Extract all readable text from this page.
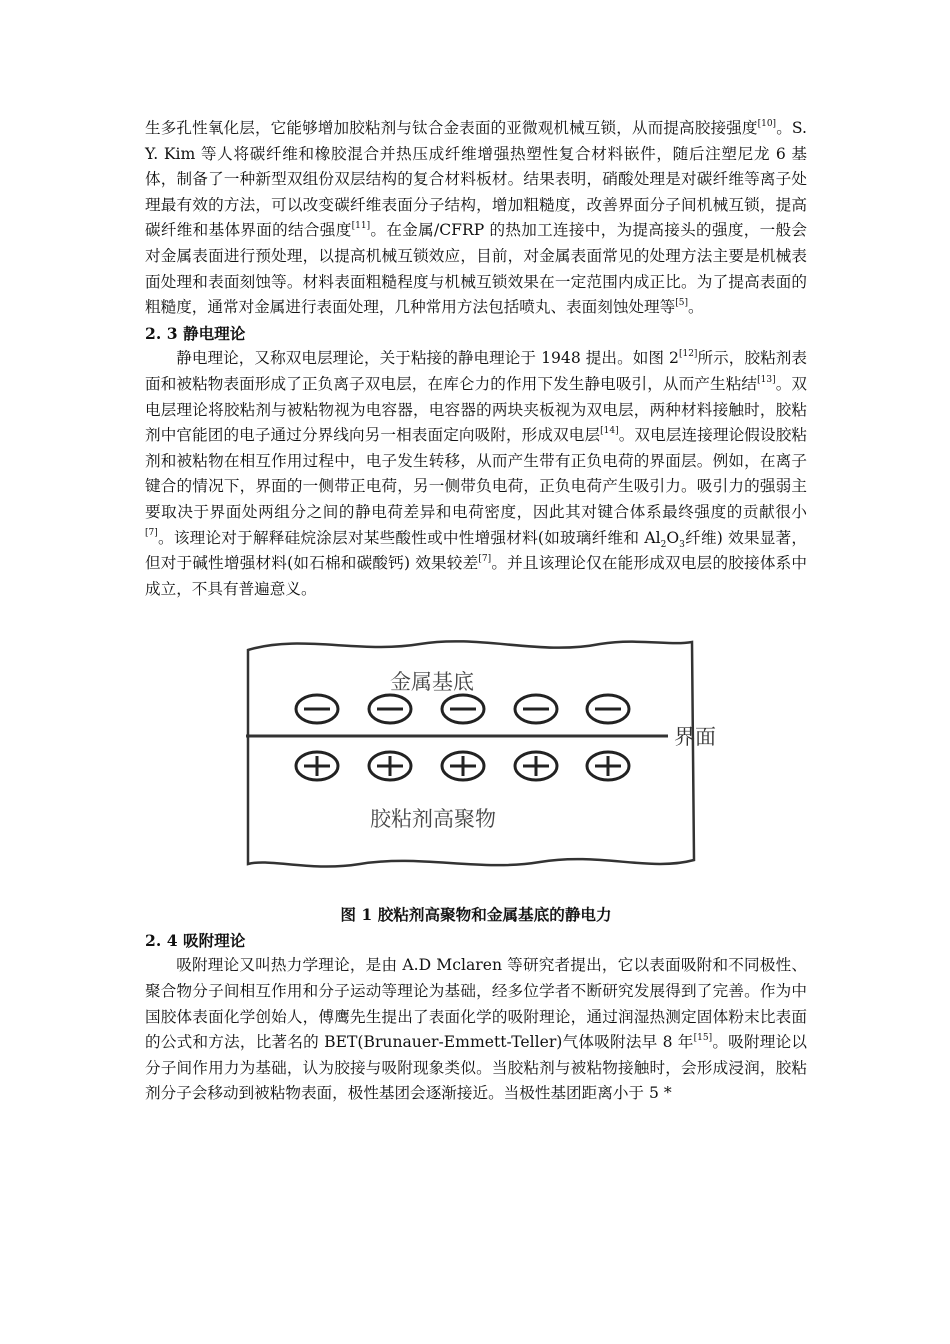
生多孔性氧化层，它能够增加胶粘剂与钛合金表面的亚微观机械互锁，从而提高胶接强度[10]。S. Y. Kim 等人将碳纤维和橡胶混合并热压成纤维增强热塑性复合材料嵌件，随后注塑尼龙 6 基体，制备了一种新型双组份双层结构的复合材料板材。结果表明，硝酸处理是对碳纤维等离子处理最有效的方法，可以改变碳纤维表面分子结构，增加粗糙度，改善界面分子间机械互锁，提高碳纤维和基体界面的结合强度[11]。在金属/CFRP 的热加工连接中，为提高接头的强度，一般会对金属表面进行预处理，以提高机械互锁效应，目前，对金属表面常见的处理方法主要是机械表面处理和表面刻蚀等。材料表面粗糙程度与机械互锁效果在一定范围内成正比。为了提高表面的粗糙度，通常对金属进行表面处理，几种常用方法包括喷丸、表面刻蚀处理等[5]。

2. 3 静电理论

静电理论，又称双电层理论，关于粘接的静电理论于 1948 提出。如图 2[12]所示，胶粘剂表面和被粘物表面形成了正负离子双电层，在库仑力的作用下发生静电吸引，从而产生粘结[13]。双电层理论将胶粘剂与被粘物视为电容器，电容器的两块夹板视为双电层，两种材料接触时，胶粘剂中官能团的电子通过分界线向另一相表面定向吸附，形成双电层[14]。双电层连接理论假设胶粘剂和被粘物在相互作用过程中，电子发生转移，从而产生带有正负电荷的界面层。例如，在离子键合的情况下，界面的一侧带正电荷，另一侧带负电荷，正负电荷产生吸引力。吸引力的强弱主要取决于界面处两组分之间的静电荷差异和电荷密度，因此其对键合体系最终强度的贡献很小[7]。该理论对于解释硅烷涂层对某些酸性或中性增强材料(如玻璃纤维和 $Al_2O_3$纤维) 效果显著，但对于碱性增强材料(如石棉和碳酸钙) 效果较差[7]。并且该理论仅在能形成双电层的胶接体系中成立，不具有普遍意义。

界面
金属基底
胶粘剂高聚物

图 1 胶粘剂高聚物和金属基底的静电力

2. 4 吸附理论

吸附理论又叫热力学理论，是由 A.D Mclaren 等研究者提出，它以表面吸附和不同极性、聚合物分子间相互作用和分子运动等理论为基础，经多位学者不断研究发展得到了完善。作为中国胶体表面化学创始人，傅鹰先生提出了表面化学的吸附理论，通过润湿热测定固体粉末比表面的公式和方法，比著名的 BET(Brunauer-Emmett-Teller)气体吸附法早 8 年[15]。吸附理论以分子间作用力为基础，认为胶接与吸附现象类似。当胶粘剂与被粘物接触时，会形成浸润，胶粘剂分子会移动到被粘物表面，极性基团会逐渐接近。当极性基团距离小于 5 *
